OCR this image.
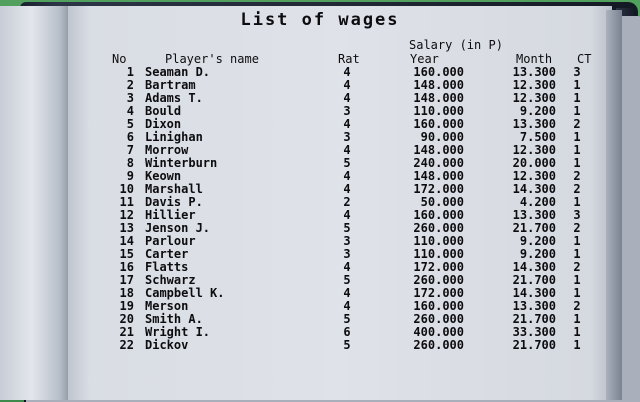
List of wages
Salary (in P)
No	Player's name	Rat	Year	Month CT
1 Seaman D.	4	160.000	13.300 3
2 Bartram	4	148.000	12.300 1
3 Adams T.	4	148.000	12.300 1
4 Bould	3	110.000	9.200 1
5 Dixon	4	160.000	13.300 2
6 Linighan	3	90.000	7.500 1
7 Morrow	4	148.000	12.300 1
8 Winterburn	5	240.000	20.000 1
9 Keown	4	148.000	12.300 2
10 Marshall	4	172.000	14.300 2
11 Davis P.	2	50.000	4.200 1
12 Hillier	4	160.000	13.300 3
13 Jenson J.	5	260.000	21.700 2
14 Parlour	3	110.000	9.200 1
15 Carter	3	110.000	9.200 1
16 Flatts	4	172.000	14.300 2
17 Schwarz	5	260.000	21.700 1
18 Campbell K.	4	172.000	14.300 1
19 Merson	4	160.000	13.300 2
20 Smith A.	5	260.000	21.700 1
21 Wright I.	6	400.000	33.300 1
22 Dickov	5	260.000	21.700 1
